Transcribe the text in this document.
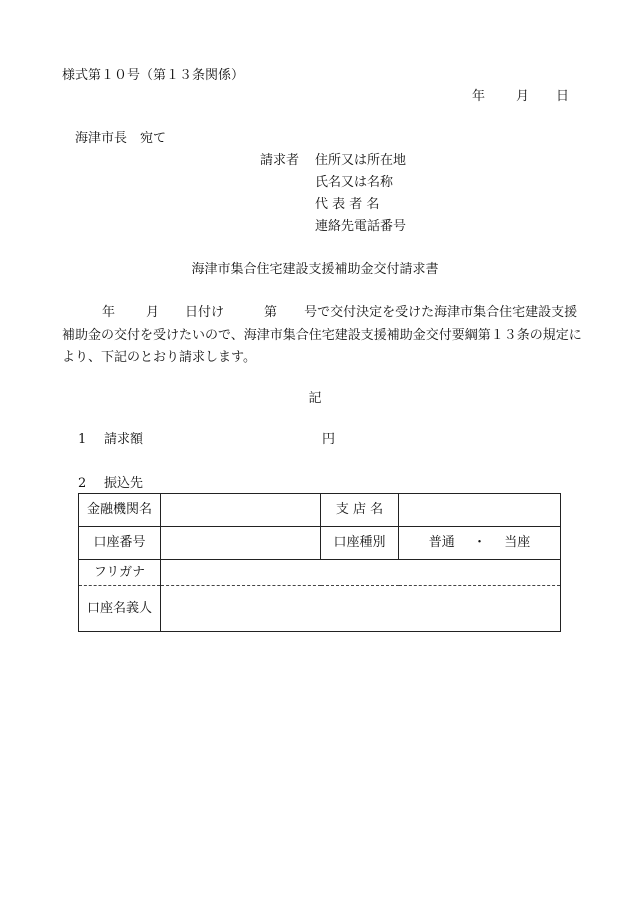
様式第１０号（第１３条関係）
年 月 日
海津市長　宛て
請求者 住所又は所在地
氏名又は名称
代 表 者 名
連絡先電話番号
海津市集合住宅建設支援補助金交付請求書
年 月 日付け	第 号で交付決定を受けた海津市集合住宅建設支援補助金の交付を受けたいので、海津市集合住宅建設支援補助金交付要綱第１３条の規定により、下記のとおり請求します。
記
1 請求額	円
2 振込先
金融機関名		支 店 名	
口座番号		口座種別	普通 ・ 当座
フリガナ			
口座名義人			
